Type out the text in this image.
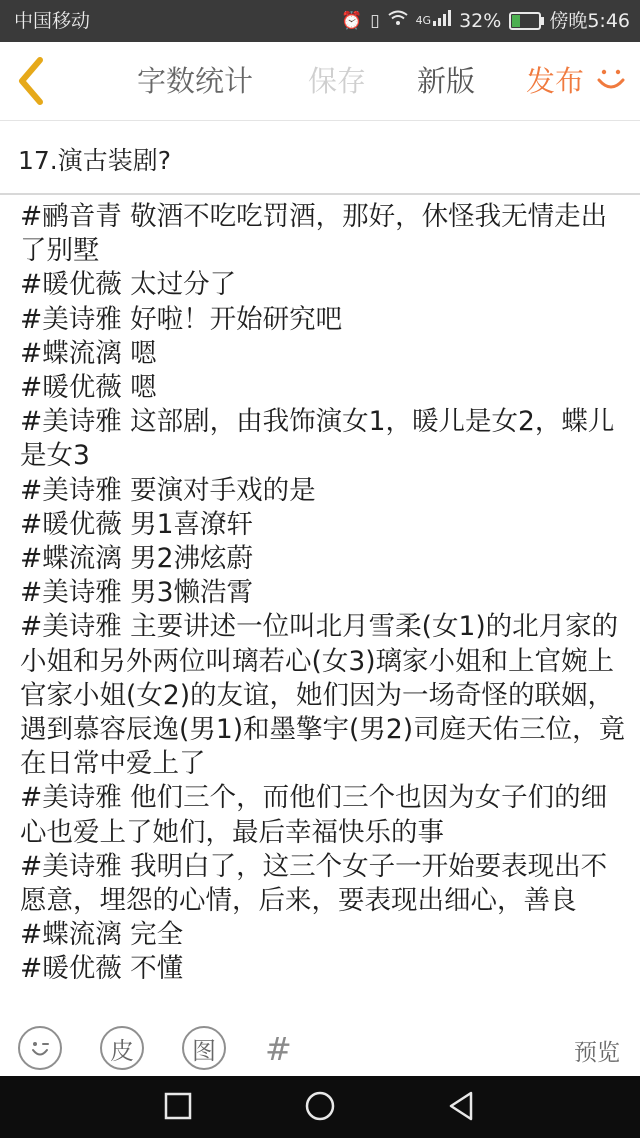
中国移动	⏰ ▯	4G 32%	傍晚5:46
字数统计 保存 新版 发布
17.演古装剧?

#鹂音青 敬酒不吃吃罚酒，那好，休怪我无情走出了别墅

#暖优薇 太过分了

#美诗雅 好啦！开始研究吧

#蝶流漓 嗯

#暖优薇 嗯

#美诗雅 这部剧，由我饰演女1，暖儿是女2，蝶儿是女3

#美诗雅 要演对手戏的是

#暖优薇 男1喜潦轩

#蝶流漓 男2沸炫蔚

#美诗雅 男3懒浩霄

#美诗雅 主要讲述一位叫北月雪柔(女1)的北月家的小姐和另外两位叫璃若心(女3)璃家小姐和上官婉上官家小姐(女2)的友谊，她们因为一场奇怪的联姻，遇到慕容辰逸(男1)和墨擎宇(男2)司庭天佑三位，竟在日常中爱上了

#美诗雅 他们三个，而他们三个也因为女子们的细心也爱上了她们，最后幸福快乐的事

#美诗雅 我明白了，这三个女子一开始要表现出不愿意，埋怨的心情，后来，要表现出细心，善良

#蝶流漓 完全

#暖优薇 不懂

皮	图	#	预览
